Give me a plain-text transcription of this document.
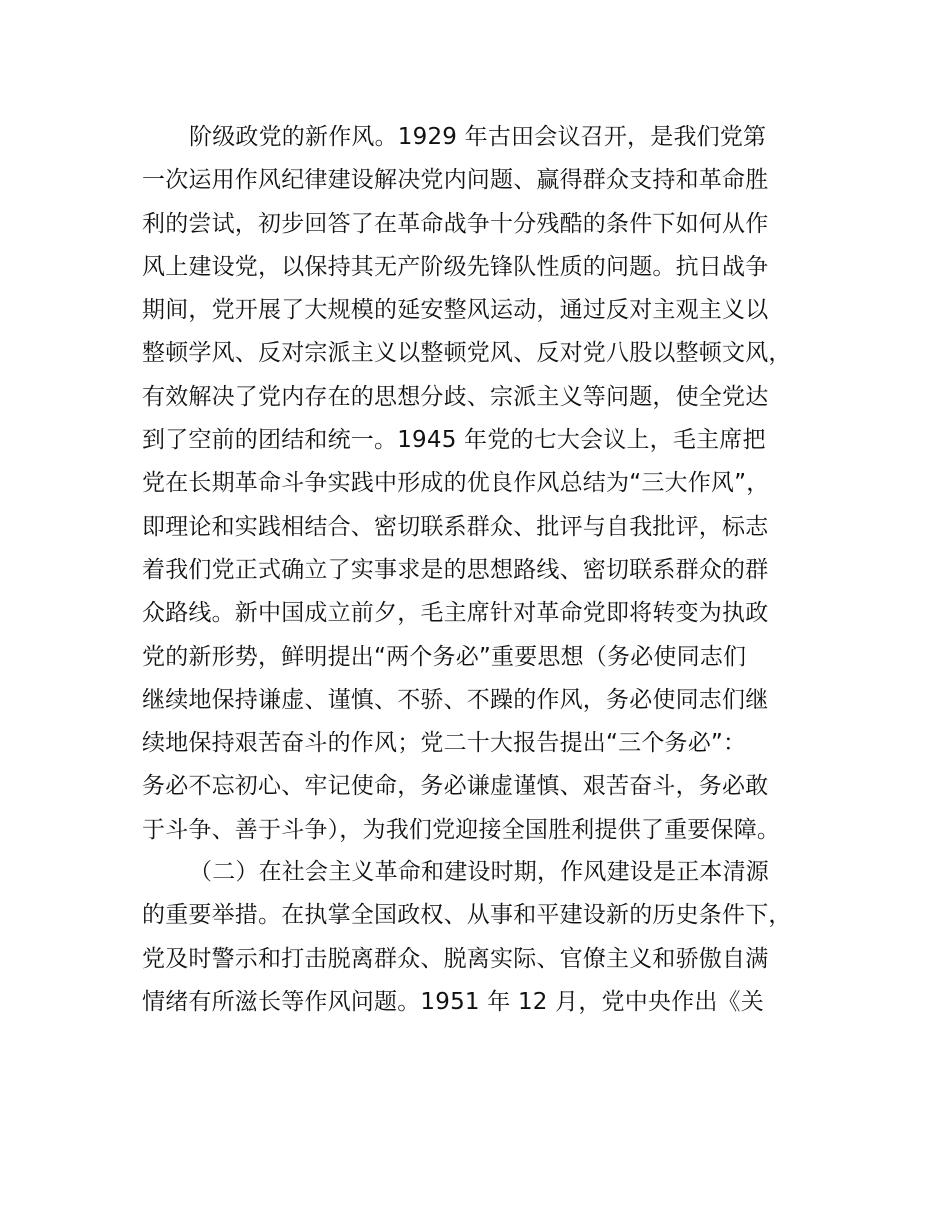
阶级政党的新作风。1929 年古田会议召开，是我们党第
一次运用作风纪律建设解决党内问题、赢得群众支持和革命胜
利的尝试，初步回答了在革命战争十分残酷的条件下如何从作
风上建设党，以保持其无产阶级先锋队性质的问题。抗日战争
期间，党开展了大规模的延安整风运动，通过反对主观主义以
整顿学风、反对宗派主义以整顿党风、反对党八股以整顿文风，
有效解决了党内存在的思想分歧、宗派主义等问题，使全党达
到了空前的团结和统一。1945 年党的七大会议上，毛主席把
党在长期革命斗争实践中形成的优良作风总结为“三大作风”，
即理论和实践相结合、密切联系群众、批评与自我批评，标志
着我们党正式确立了实事求是的思想路线、密切联系群众的群
众路线。新中国成立前夕，毛主席针对革命党即将转变为执政
党的新形势，鲜明提出“两个务必”重要思想（务必使同志们
继续地保持谦虚、谨慎、不骄、不躁的作风，务必使同志们继
续地保持艰苦奋斗的作风；党二十大报告提出“三个务必”：
务必不忘初心、牢记使命，务必谦虚谨慎、艰苦奋斗，务必敢
于斗争、善于斗争），为我们党迎接全国胜利提供了重要保障。
（二）在社会主义革命和建设时期，作风建设是正本清源
的重要举措。在执掌全国政权、从事和平建设新的历史条件下，
党及时警示和打击脱离群众、脱离实际、官僚主义和骄傲自满
情绪有所滋长等作风问题。1951 年 12 月，党中央作出《关
